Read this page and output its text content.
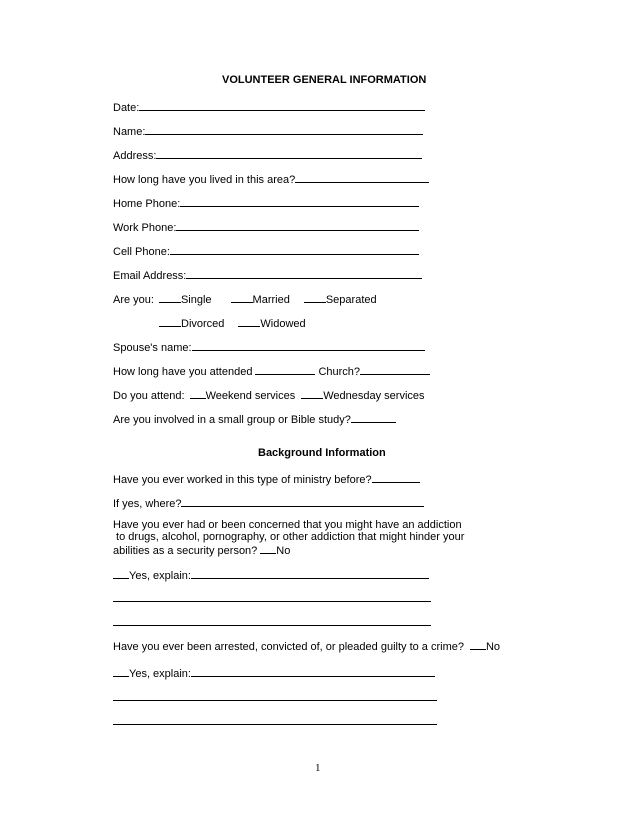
VOLUNTEER GENERAL INFORMATION
Date:
Name:
Address:
How long have you lived in this area?
Home Phone:
Work Phone:
Cell Phone:
Email Address:
Are you: Single	Married	Separated
Divorced	Widowed
Spouse's name:
How long have you attended	Church?
Do you attend: Weekend services	Wednesday services
Are you involved in a small group or Bible study?
Background Information
Have you ever worked in this type of ministry before?
If yes, where?
Have you ever had or been concerned that you might have an addiction
to drugs, alcohol, pornography, or other addiction that might hinder your
abilities as a security person? No
Yes, explain:
Have you ever been arrested, convicted of, or pleaded guilty to a crime? No
Yes, explain:
1
